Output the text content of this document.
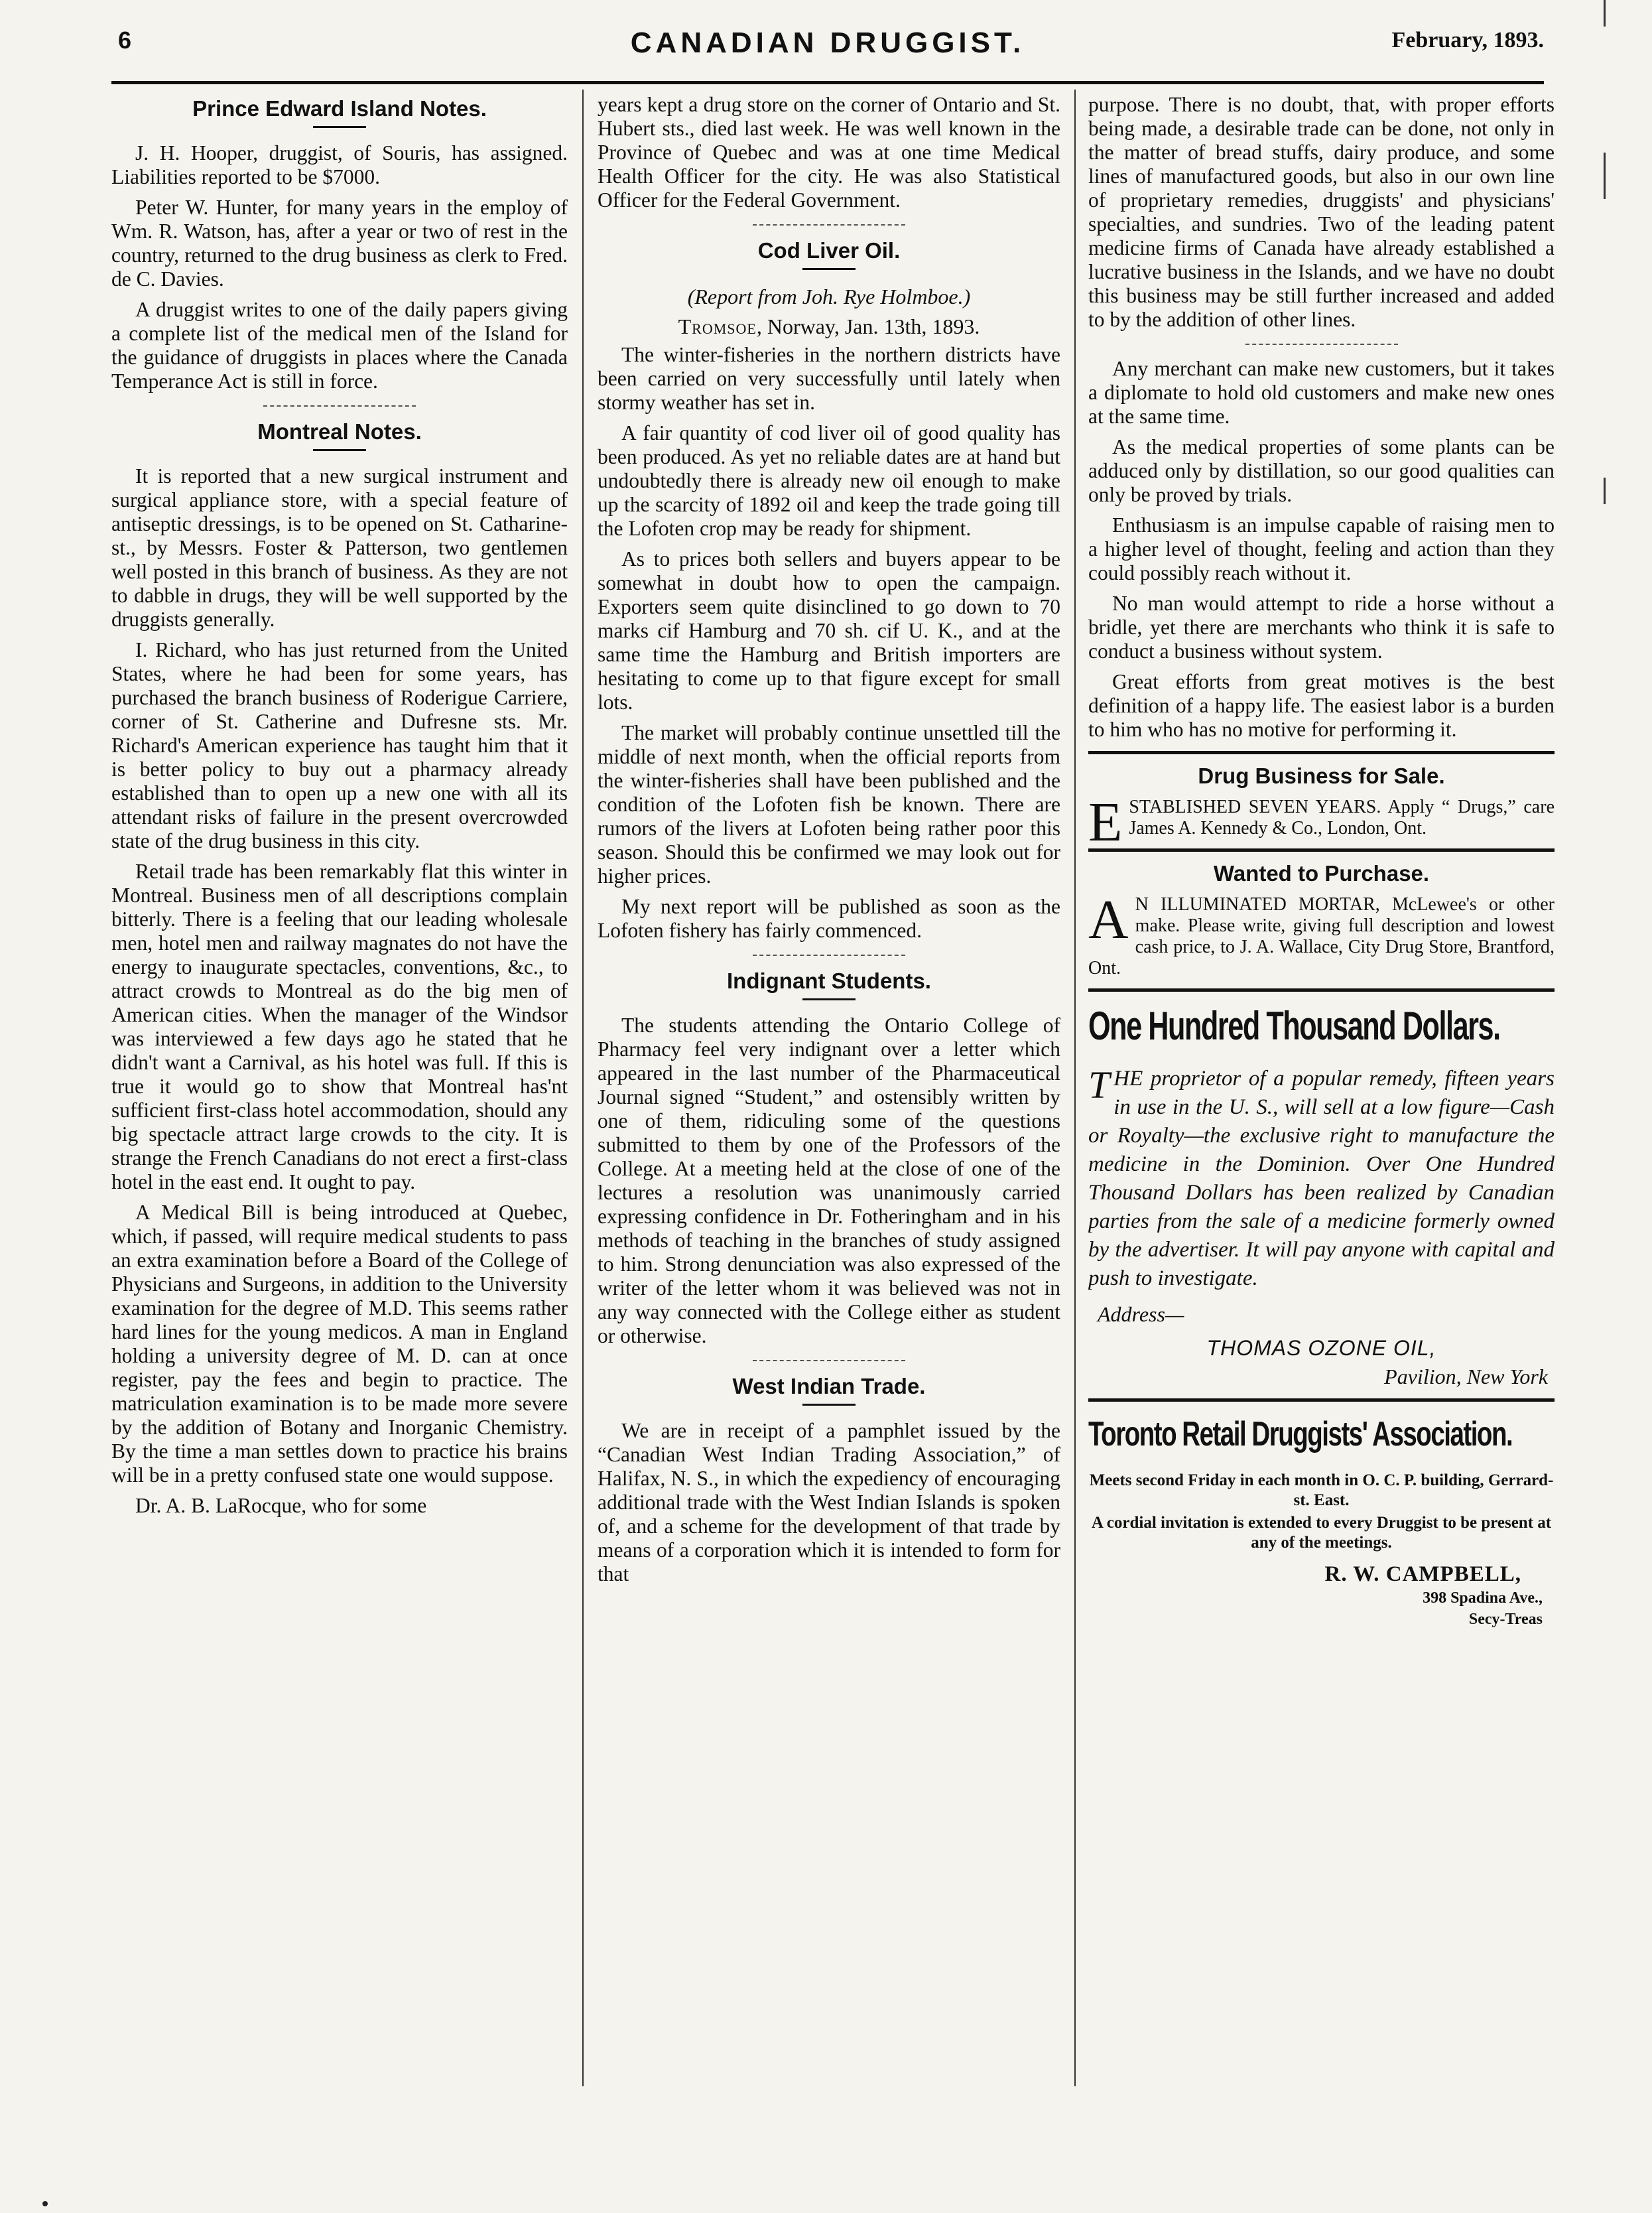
6	CANADIAN DRUGGIST.	February, 1893.
Prince Edward Island Notes.

J. H. Hooper, druggist, of Souris, has assigned. Liabilities reported to be $7000.

Peter W. Hunter, for many years in the employ of Wm. R. Watson, has, after a year or two of rest in the country, returned to the drug business as clerk to Fred. de C. Davies.

A druggist writes to one of the daily papers giving a complete list of the medical men of the Island for the guidance of druggists in places where the Canada Temperance Act is still in force.

Montreal Notes.

It is reported that a new surgical instrument and surgical appliance store, with a special feature of antiseptic dressings, is to be opened on St. Catharine-st., by Messrs. Foster & Patterson, two gentlemen well posted in this branch of business. As they are not to dabble in drugs, they will be well supported by the druggists generally.

I. Richard, who has just returned from the United States, where he had been for some years, has purchased the branch business of Roderigue Carriere, corner of St. Catherine and Dufresne sts. Mr. Richard's American experience has taught him that it is better policy to buy out a pharmacy already established than to open up a new one with all its attendant risks of failure in the present overcrowded state of the drug business in this city.

Retail trade has been remarkably flat this winter in Montreal. Business men of all descriptions complain bitterly. There is a feeling that our leading wholesale men, hotel men and railway magnates do not have the energy to inaugurate spectacles, conventions, &c., to attract crowds to Montreal as do the big men of American cities. When the manager of the Windsor was interviewed a few days ago he stated that he didn't want a Carnival, as his hotel was full. If this is true it would go to show that Montreal has'nt sufficient first-class hotel accommodation, should any big spectacle attract large crowds to the city. It is strange the French Canadians do not erect a first-class hotel in the east end. It ought to pay.

A Medical Bill is being introduced at Quebec, which, if passed, will require medical students to pass an extra examination before a Board of the College of Physicians and Surgeons, in addition to the University examination for the degree of M.D. This seems rather hard lines for the young medicos. A man in England holding a university degree of M. D. can at once register, pay the fees and begin to practice. The matriculation examination is to be made more severe by the addition of Botany and Inorganic Chemistry. By the time a man settles down to practice his brains will be in a pretty confused state one would suppose.

Dr. A. B. LaRocque, who for some

years kept a drug store on the corner of Ontario and St. Hubert sts., died last week. He was well known in the Province of Quebec and was at one time Medical Health Officer for the city. He was also Statistical Officer for the Federal Government.

Cod Liver Oil.
(Report from Joh. Rye Holmboe.)
Tromsoe, Norway, Jan. 13th, 1893.

The winter-fisheries in the northern districts have been carried on very successfully until lately when stormy weather has set in.

A fair quantity of cod liver oil of good quality has been produced. As yet no reliable dates are at hand but undoubtedly there is already new oil enough to make up the scarcity of 1892 oil and keep the trade going till the Lofoten crop may be ready for shipment.

As to prices both sellers and buyers appear to be somewhat in doubt how to open the campaign. Exporters seem quite disinclined to go down to 70 marks cif Hamburg and 70 sh. cif U. K., and at the same time the Hamburg and British importers are hesitating to come up to that figure except for small lots.

The market will probably continue unsettled till the middle of next month, when the official reports from the winter-fisheries shall have been published and the condition of the Lofoten fish be known. There are rumors of the livers at Lofoten being rather poor this season. Should this be confirmed we may look out for higher prices.

My next report will be published as soon as the Lofoten fishery has fairly commenced.

Indignant Students.

The students attending the Ontario College of Pharmacy feel very indignant over a letter which appeared in the last number of the Pharmaceutical Journal signed “Student,” and ostensibly written by one of them, ridiculing some of the questions submitted to them by one of the Professors of the College. At a meeting held at the close of one of the lectures a resolution was unanimously carried expressing confidence in Dr. Fotheringham and in his methods of teaching in the branches of study assigned to him. Strong denunciation was also expressed of the writer of the letter whom it was believed was not in any way connected with the College either as student or otherwise.

West Indian Trade.

We are in receipt of a pamphlet issued by the “Canadian West Indian Trading Association,” of Halifax, N. S., in which the expediency of encouraging additional trade with the West Indian Islands is spoken of, and a scheme for the development of that trade by means of a corporation which it is intended to form for that

purpose. There is no doubt, that, with proper efforts being made, a desirable trade can be done, not only in the matter of bread stuffs, dairy produce, and some lines of manufactured goods, but also in our own line of proprietary remedies, druggists' and physicians' specialties, and sundries. Two of the leading patent medicine firms of Canada have already established a lucrative business in the Islands, and we have no doubt this business may be still further increased and added to by the addition of other lines.

Any merchant can make new customers, but it takes a diplomate to hold old customers and make new ones at the same time.

As the medical properties of some plants can be adduced only by distillation, so our good qualities can only be proved by trials.

Enthusiasm is an impulse capable of raising men to a higher level of thought, feeling and action than they could possibly reach without it.

No man would attempt to ride a horse without a bridle, yet there are merchants who think it is safe to conduct a business without system.

Great efforts from great motives is the best definition of a happy life. The easiest labor is a burden to him who has no motive for performing it.

Drug Business for Sale.
ESTABLISHED SEVEN YEARS. Apply “ Drugs,” care James A. Kennedy & Co., London, Ont.
Wanted to Purchase.
A N ILLUMINATED MORTAR, McLewee's or other make. Please write, giving full description and lowest cash price, to J. A. Wallace, City Drug Store, Brantford, Ont.
One Hundred Thousand Dollars.
THE proprietor of a popular remedy, fifteen years in use in the U. S., will sell at a low figure—Cash or Royalty—the exclusive right to manufacture the medicine in the Dominion. Over One Hundred Thousand Dollars has been realized by Canadian parties from the sale of a medicine formerly owned by the advertiser. It will pay anyone with capital and push to investigate.
Address—
THOMAS OZONE OIL,
Pavilion, New York
Toronto Retail Druggists' Association.
Meets second Friday in each month in O. C. P. building, Gerrard-st. East.
A cordial invitation is extended to every Druggist to be present at any of the meetings.
R. W. CAMPBELL,
398 Spadina Ave.,
Secy-Treas
